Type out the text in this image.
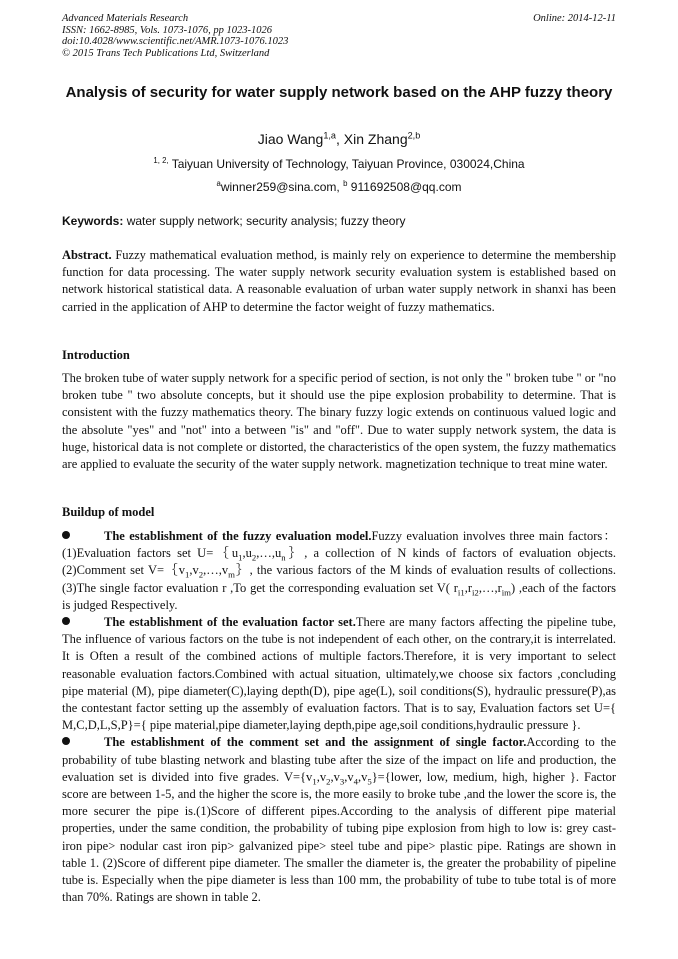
Advanced Materials Research
ISSN: 1662-8985, Vols. 1073-1076, pp 1023-1026
doi:10.4028/www.scientific.net/AMR.1073-1076.1023
© 2015 Trans Tech Publications Ltd, Switzerland
Online: 2014-12-11
Analysis of security for water supply network based on the AHP fuzzy theory
Jiao Wang$^{1,a}$, Xin Zhang$^{2,b}$
$^{1, 2,}$ Taiyuan University of Technology, Taiyuan Province, 030024,China
$^a$winner259@sina.com, $^b$ 911692508@qq.com
Keywords: water supply network; security analysis; fuzzy theory
Abstract. Fuzzy mathematical evaluation method, is mainly rely on experience to determine the membership function for data processing. The water supply network security evaluation system is established based on network historical statistical data. A reasonable evaluation of urban water supply network in shanxi has been carried in the application of AHP to determine the factor weight of fuzzy mathematics.
Introduction
The broken tube of water supply network for a specific period of section, is not only the " broken tube " or "no broken tube " two absolute concepts, but it should use the pipe explosion probability to determine. That is consistent with the fuzzy mathematics theory. The binary fuzzy logic extends on continuous valued logic and the absolute "yes" and "not" into a between "is" and "off". Due to water supply network system, the data is huge, historical data is not complete or distorted, the characteristics of the open system, the fuzzy mathematics are applied to evaluate the security of the water supply network. magnetization technique to treat mine water.
Buildup of model

The establishment of the fuzzy evaluation model.Fuzzy evaluation involves three main factors：(1)Evaluation factors set $U=\{u_1,u_2,\dots,u_n\}$, a collection of N kinds of factors of evaluation objects.(2)Comment set $V=\{v_1,v_2,\dots,v_m\}$, the various factors of the M kinds of evaluation results of collections.(3)The single factor evaluation r ,To get the corresponding evaluation set V( $r_{i1},r_{i2},\dots,r_{im}$) ,each of the factors is judged Respectively.

The establishment of the evaluation factor set.There are many factors affecting the pipeline tube, The influence of various factors on the tube is not independent of each other, on the contrary,it is interrelated. It is Often a result of the combined actions of multiple factors.Therefore, it is very important to select reasonable evaluation factors.Combined with actual situation, ultimately,we choose six factors ,concluding pipe material (M), pipe diameter(C),laying depth(D), pipe age(L), soil conditions(S), hydraulic pressure(P),as the contestant factor setting up the assembly of evaluation factors. That is to say, Evaluation factors set U={ M,C,D,L,S,P}={ pipe material,pipe diameter,laying depth,pipe age,soil conditions,hydraulic pressure }.

The establishment of the comment set and the assignment of single factor.According to the probability of tube blasting network and blasting tube after the size of the impact on life and production, the evaluation set is divided into five grades. $V=\{v_1,v_2,v_3,v_4,v_5\}=\{lower$, low, medium, high, higher }. Factor score are between 1-5, and the higher the score is, the more easily to broke tube ,and the lower the score is, the more securer the pipe is.(1)Score of different pipes.According to the analysis of different pipe material properties, under the same condition, the probability of tubing pipe explosion from high to low is: grey cast-iron pipe> nodular cast iron pip> galvanized pipe> steel tube and pipe> plastic pipe. Ratings are shown in table 1. (2)Score of different pipe diameter. The smaller the diameter is, the greater the probability of pipeline tube is. Especially when the pipe diameter is less than 100 mm, the probability of tube to tube total is of more than 70%. Ratings are shown in table 2.
